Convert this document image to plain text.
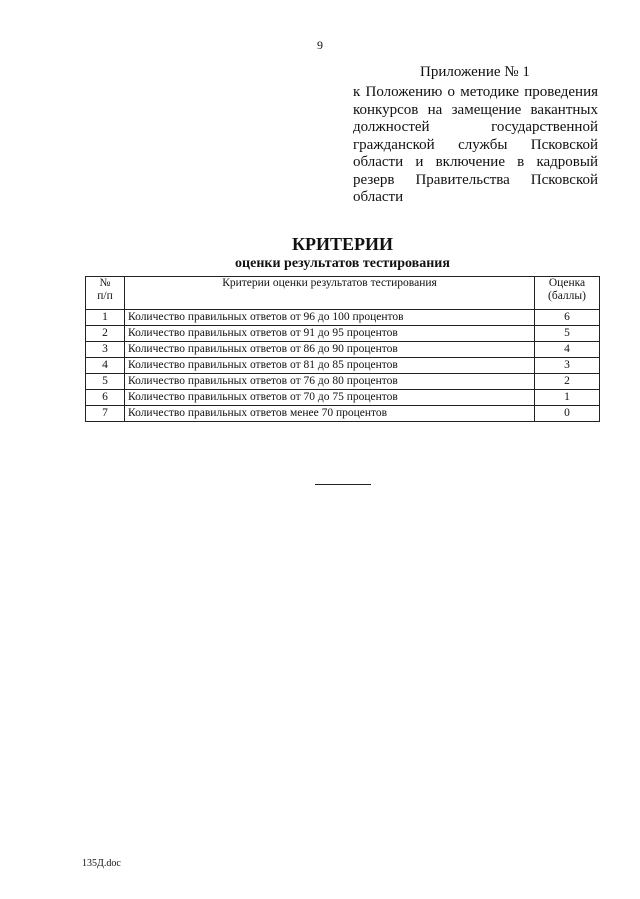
9
Приложение № 1
к Положению о методике проведения конкурсов на замещение вакантных должностей государственной гражданской службы Псковской области и включение в кадровый резерв Правительства Псковской области
КРИТЕРИИ
оценки результатов тестирования
№
п/п	Критерии оценки результатов тестирования	Оценка
(баллы)
1	Количество правильных ответов от 96 до 100 процентов	6
2	Количество правильных ответов от 91 до 95 процентов	5
3	Количество правильных ответов от 86 до 90 процентов	4
4	Количество правильных ответов от 81 до 85 процентов	3
5	Количество правильных ответов от 76 до 80 процентов	2
6	Количество правильных ответов от 70 до 75 процентов	1
7	Количество правильных ответов менее 70 процентов	0
135Д.doc
